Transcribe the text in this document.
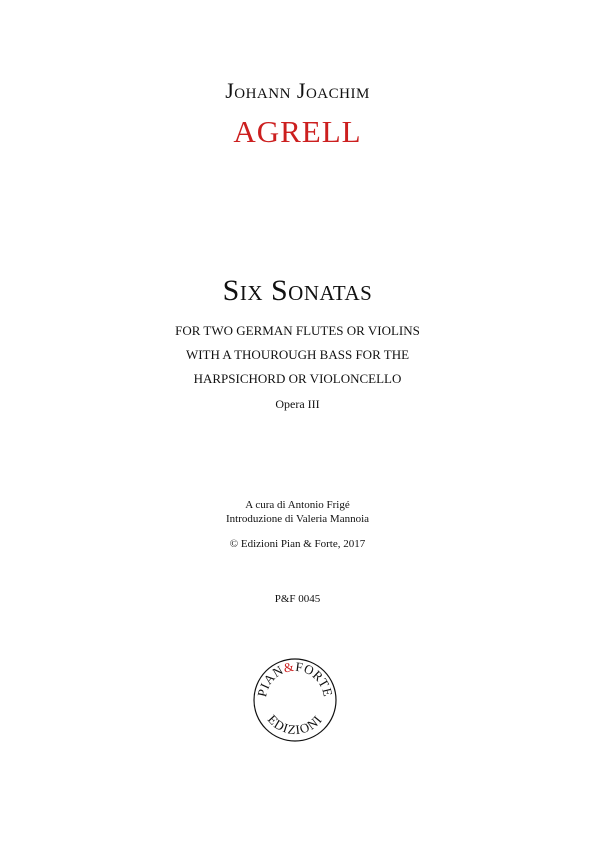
Johann Joachim
AGRELL
Six Sonatas
FOR TWO GERMAN FLUTES OR VIOLINS
WITH A THOUROUGH BASS FOR THE
HARPSICHORD OR VIOLONCELLO
Opera III
A cura di Antonio Frigé
Introduzione di Valeria Mannoia
© Edizioni Pian & Forte, 2017
P&F 0045
PIAN&FORTE
EDIZIONI
